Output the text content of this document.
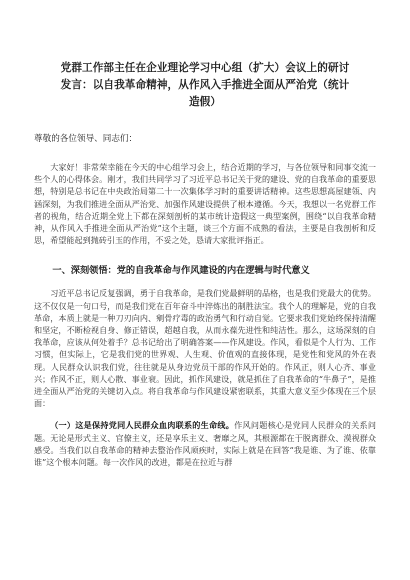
党群工作部主任在企业理论学习中心组（扩大）会议上的研讨
发言：以自我革命精神，从作风入手推进全面从严治党（统计
造假）
尊敬的各位领导、同志们：

大家好！非常荣幸能在今天的中心组学习会上，结合近期的学习，与各位领导和同事交流一些个人的心得体会。刚才，我们共同学习了习近平总书记关于党的建设、党的自我革命的重要思想，特别是总书记在中央政治局第二十一次集体学习时的重要讲话精神。这些思想高屋建瓴、内涵深刻，为我们推进全面从严治党、加强作风建设提供了根本遵循。今天，我想以一名党群工作者的视角，结合近期全党上下都在深刻剖析的某市统计造假这一典型案例，围绕“以自我革命精神，从作风入手推进全面从严治党”这个主题，谈三个方面不成熟的看法，主要是自我剖析和反思，希望能起到抛砖引玉的作用，不妥之处，恳请大家批评指正。

一、深刻领悟：党的自我革命与作风建设的内在逻辑与时代意义

习近平总书记反复强调，勇于自我革命，是我们党最鲜明的品格，也是我们党最大的优势。这不仅仅是一句口号，而是我们党在百年奋斗中淬炼出的制胜法宝。我个人的理解是，党的自我革命，本质上就是一种刀刃向内、剜骨疗毒的政治勇气和行动自觉。它要求我们党始终保持清醒和坚定，不断检视自身、修正错误，超越自我，从而永葆先进性和纯洁性。那么，这场深刻的自我革命，应该从何处着手？总书记给出了明确答案——作风建设。作风，看似是个人行为、工作习惯，但实际上，它是我们党的世界观、人生观、价值观的直接体现，是党性和党风的外在表现。人民群众认识我们党，往往就是从身边党员干部的作风开始的。作风正，则人心齐、事业兴；作风不正，则人心散、事业衰。因此，抓作风建设，就是抓住了自我革命的“牛鼻子”，是推进全面从严治党的关键切入点。将自我革命与作风建设紧密联系，其重大意义至少体现在三个层面：

（一）这是保持党同人民群众血肉联系的生命线。作风问题核心是党同人民群众的关系问题。无论是形式主义、官僚主义，还是享乐主义、奢靡之风，其根源都在于脱离群众、漠视群众感受。当我们以自我革命的精神去整治作风顽疾时，实际上就是在回答“我是谁、为了谁、依靠谁”这个根本问题。每一次作风的改进，都是在拉近与群
